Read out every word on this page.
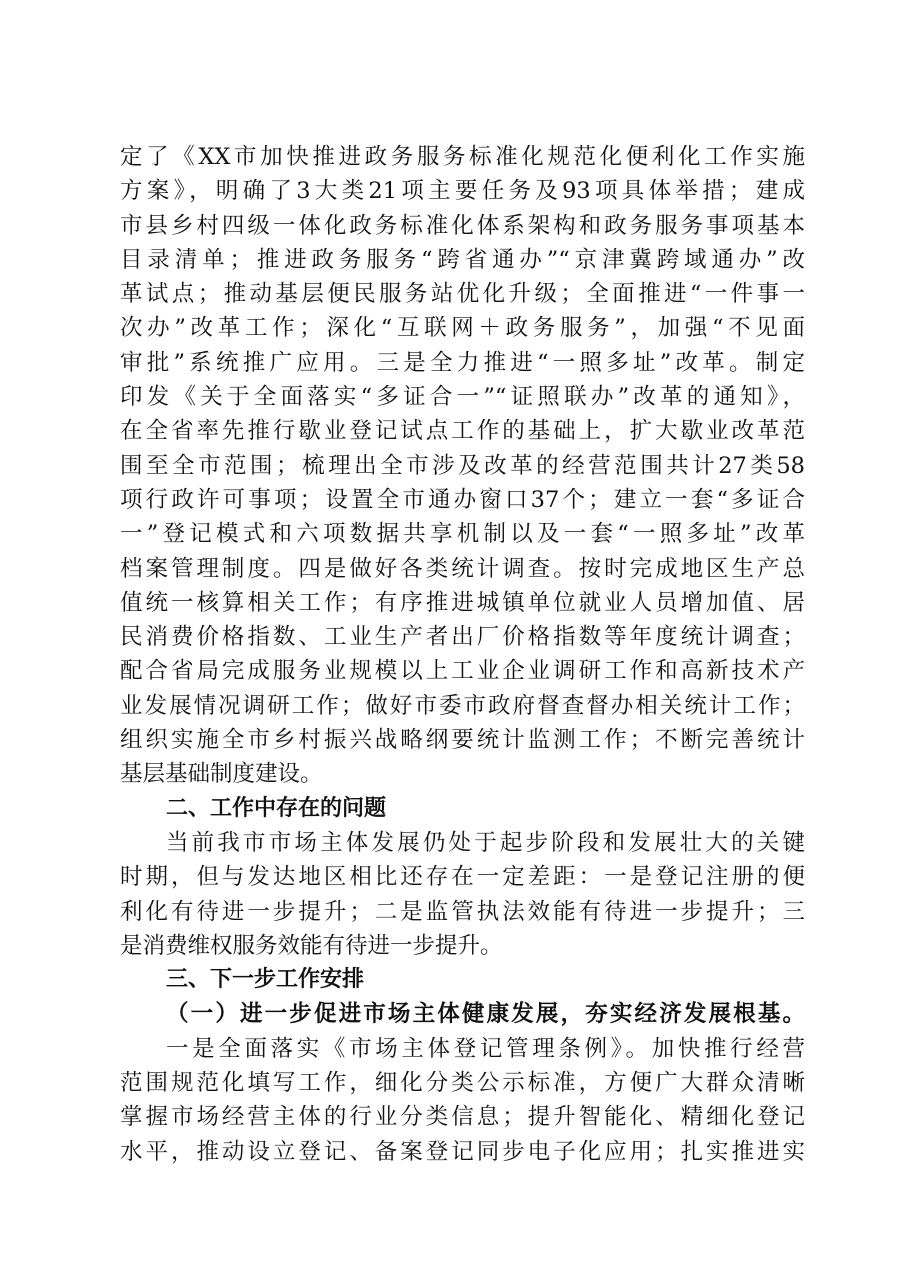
定了《XX市加快推进政务服务标准化规范化便利化工作实施
方案》，明确了3大类21项主要任务及93项具体举措；建成
市县乡村四级一体化政务标准化体系架构和政务服务事项基本
目录清单；推进政务服务“跨省通办”“京津冀跨域通办”改
革试点；推动基层便民服务站优化升级；全面推进“一件事一
次办”改革工作；深化“互联网＋政务服务”，加强“不见面
审批”系统推广应用。三是全力推进“一照多址”改革。制定
印发《关于全面落实“多证合一”“证照联办”改革的通知》，
在全省率先推行歇业登记试点工作的基础上，扩大歇业改革范
围至全市范围；梳理出全市涉及改革的经营范围共计27类58
项行政许可事项；设置全市通办窗口37个；建立一套“多证合
一”登记模式和六项数据共享机制以及一套“一照多址”改革
档案管理制度。四是做好各类统计调查。按时完成地区生产总
值统一核算相关工作；有序推进城镇单位就业人员增加值、居
民消费价格指数、工业生产者出厂价格指数等年度统计调查；
配合省局完成服务业规模以上工业企业调研工作和高新技术产
业发展情况调研工作；做好市委市政府督查督办相关统计工作；
组织实施全市乡村振兴战略纲要统计监测工作；不断完善统计
基层基础制度建设。
二、工作中存在的问题
当前我市市场主体发展仍处于起步阶段和发展壮大的关键
时期，但与发达地区相比还存在一定差距：一是登记注册的便
利化有待进一步提升；二是监管执法效能有待进一步提升；三
是消费维权服务效能有待进一步提升。
三、下一步工作安排
（一）进一步促进市场主体健康发展，夯实经济发展根基。
一是全面落实《市场主体登记管理条例》。加快推行经营
范围规范化填写工作，细化分类公示标准，方便广大群众清晰
掌握市场经营主体的行业分类信息；提升智能化、精细化登记
水平，推动设立登记、备案登记同步电子化应用；扎实推进实
